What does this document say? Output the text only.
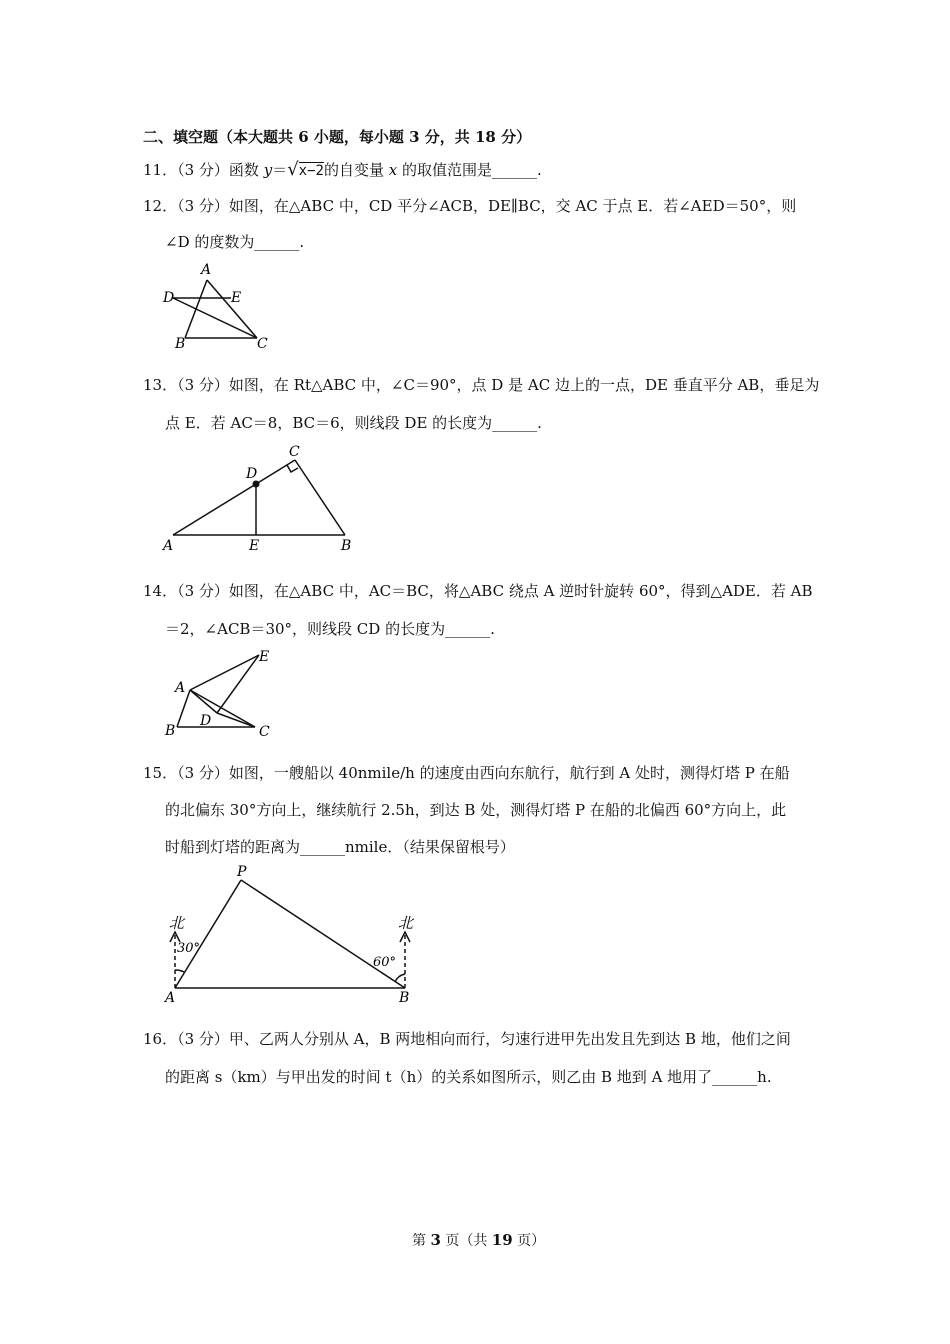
二、填空题（本大题共 6 小题，每小题 3 分，共 18 分）
11．（3 分）函数 y＝√x−2的自变量 x 的取值范围是______.
12．（3 分）如图，在△ABC 中，CD 平分∠ACB，DE∥BC，交 AC 于点 E．若∠AED＝50°，则
∠D 的度数为______.
A
D	E
B	C
13．（3 分）如图，在 Rt△ABC 中，∠C＝90°，点 D 是 AC 边上的一点，DE 垂直平分 AB，垂足为
点 E．若 AC＝8，BC＝6，则线段 DE 的长度为______.
A	E	B
D
C
14．（3 分）如图，在△ABC 中，AC＝BC，将△ABC 绕点 A 逆时针旋转 60°，得到△ADE．若 AB
＝2，∠ACB＝30°，则线段 CD 的长度为______.
A
E
D
B	C
15．（3 分）如图，一艘船以 40nmile/h 的速度由西向东航行，航行到 A 处时，测得灯塔 P 在船
的北偏东 30°方向上，继续航行 2.5h，到达 B 处，测得灯塔 P 在船的北偏西 60°方向上，此
时船到灯塔的距离为______nmile．（结果保留根号）
北	北
30°
60°
P
A	B
16．（3 分）甲、乙两人分别从 A，B 两地相向而行，匀速行进甲先出发且先到达 B 地，他们之间
的距离 s（km）与甲出发的时间 t（h）的关系如图所示，则乙由 B 地到 A 地用了______h.
第 3 页（共 19 页）
